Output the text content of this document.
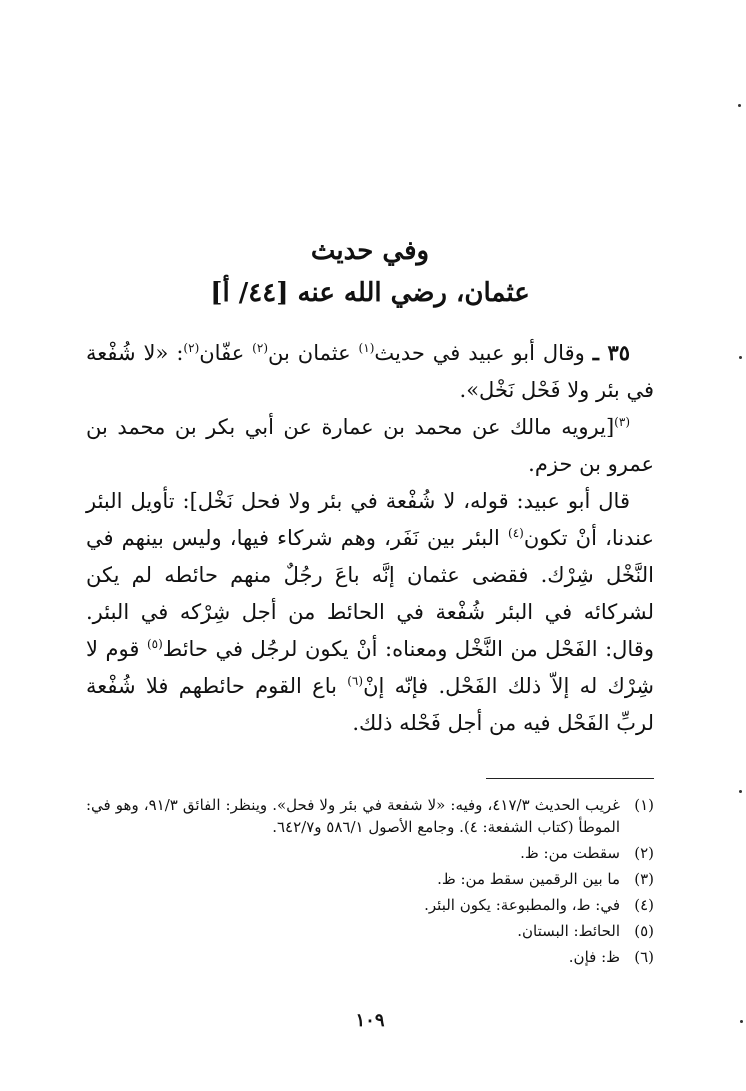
وفي حديث
عثمان، رضي الله عنه [٤٤/ أ]

٣٥ ـ وقال أبو عبيد في حديث$^{(١)}$ عثمان بن$^{(٢)}$ عفّان$^{(٢)}$: «لا شُفْعة في بئر ولا فَحْل نَخْل».

$^{(٣)}$[يرويه مالك عن محمد بن عمارة عن أبي بكر بن محمد بن عمرو بن حزم.

قال أبو عبيد: قوله، لا شُفْعة في بئر ولا فحل نَخْل]: تأويل البئر عندنا، أنْ تكون$^{(٤)}$ البئر بين نَفَر، وهم شركاء فيها، وليس بينهم في النَّخْل شِرْك. فقضى عثمان إنَّه باعَ رجُلٌ منهم حائطه لم يكن لشركائه في البئر شُفْعة في الحائط من أجل شِرْكه في البئر. وقال: الفَحْل من النَّخْل ومعناه: أنْ يكون لرجُل في حائط$^{(٥)}$ قوم لا شِرْك له إلاّ ذلك الفَحْل. فإنّه إنْ$^{(٦)}$ باع القوم حائطهم فلا شُفْعة لربِّ الفَحْل فيه من أجل فَحْله ذلك.

(١)
غريب الحديث ٤١٧/٣، وفيه: «لا شفعة في بئر ولا فحل». وينظر: الفائق ٩١/٣، وهو في: الموطأ (كتاب الشفعة: ٤). وجامع الأصول ٥٨٦/١ و٦٤٢/٧.
(٢)
سقطت من: ظ.
(٣)
ما بين الرقمين سقط من: ظ.
(٤)
في: ط، والمطبوعة: يكون البئر.
(٥)
الحائط: البستان.
(٦)
ظ: فإن.
١٠٩
